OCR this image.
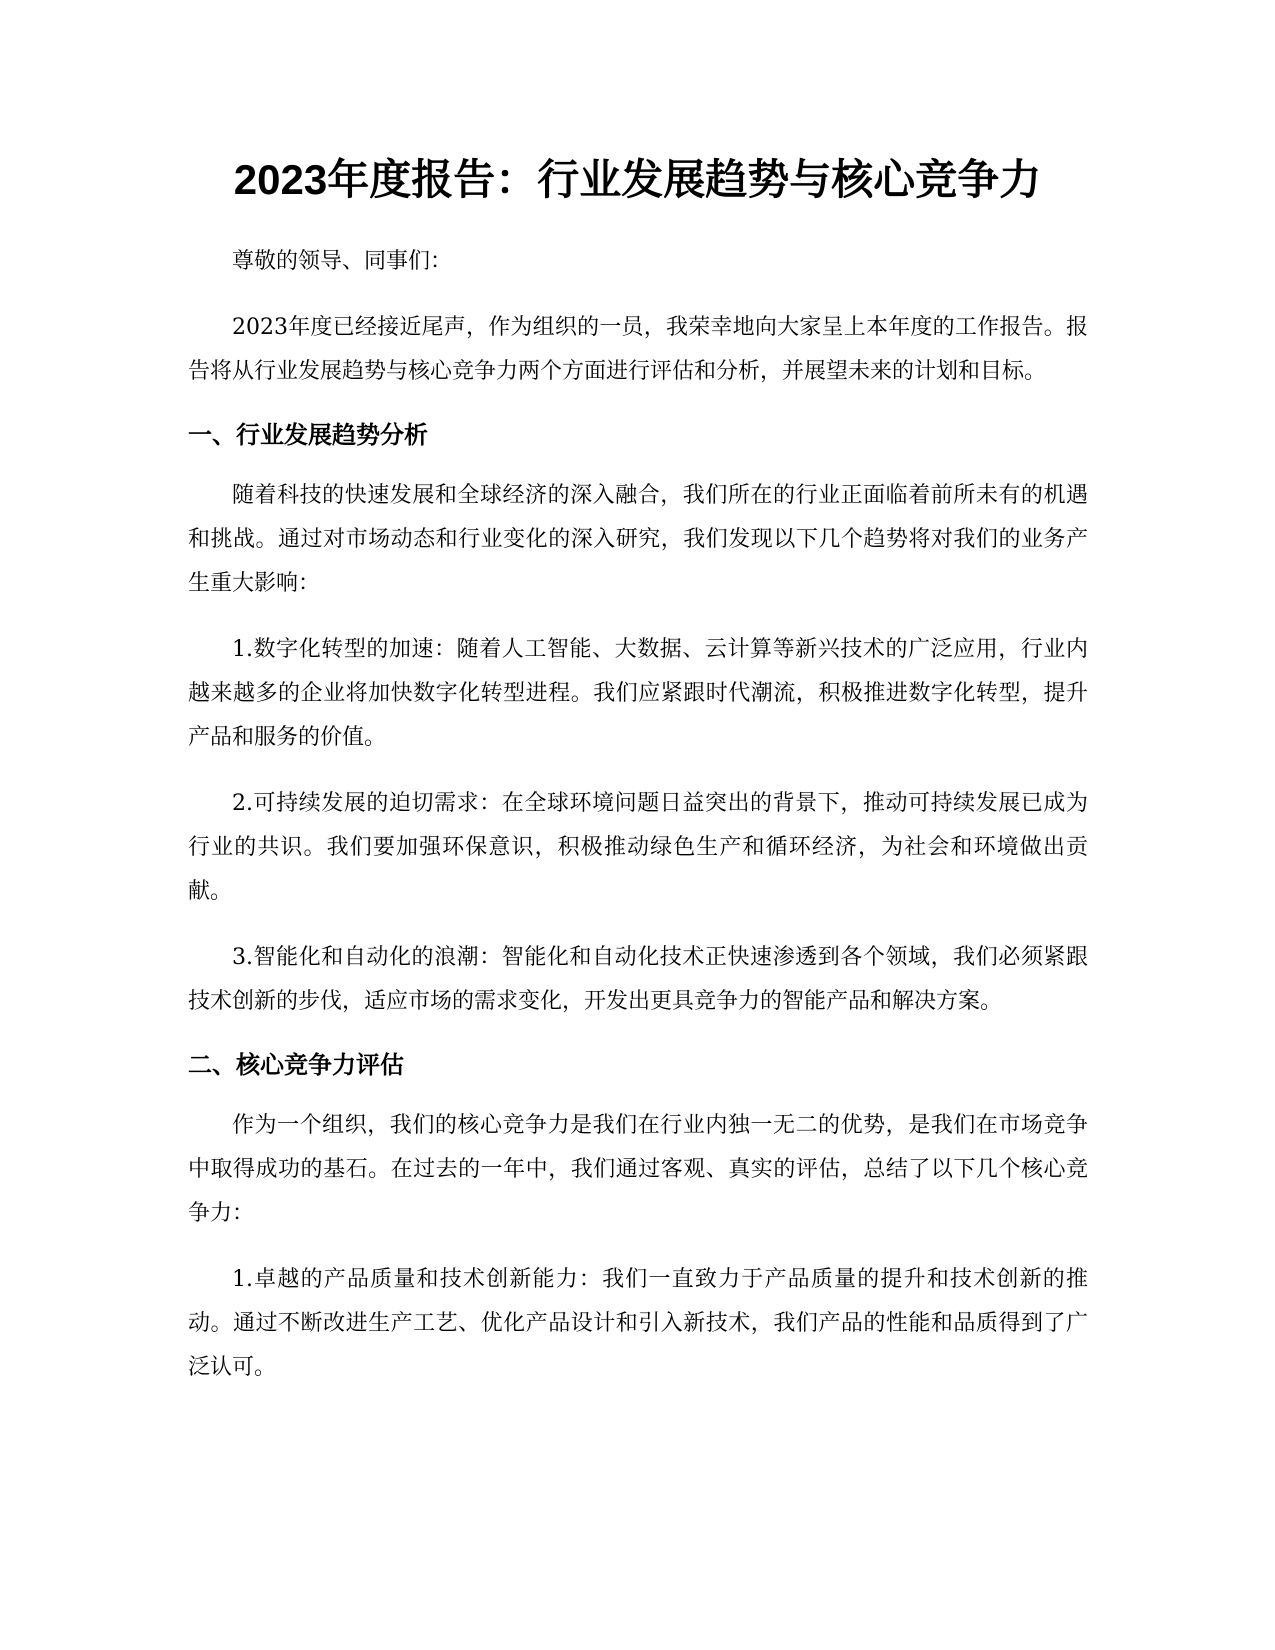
2023年度报告：行业发展趋势与核心竞争力

尊敬的领导、同事们：

2023年度已经接近尾声，作为组织的一员，我荣幸地向大家呈上本年度的工作报告。报告将从行业发展趋势与核心竞争力两个方面进行评估和分析，并展望未来的计划和目标。

一、行业发展趋势分析

随着科技的快速发展和全球经济的深入融合，我们所在的行业正面临着前所未有的机遇和挑战。通过对市场动态和行业变化的深入研究，我们发现以下几个趋势将对我们的业务产生重大影响：

1.数字化转型的加速：随着人工智能、大数据、云计算等新兴技术的广泛应用，行业内越来越多的企业将加快数字化转型进程。我们应紧跟时代潮流，积极推进数字化转型，提升产品和服务的价值。

2.可持续发展的迫切需求：在全球环境问题日益突出的背景下，推动可持续发展已成为行业的共识。我们要加强环保意识，积极推动绿色生产和循环经济，为社会和环境做出贡献。

3.智能化和自动化的浪潮：智能化和自动化技术正快速渗透到各个领域，我们必须紧跟技术创新的步伐，适应市场的需求变化，开发出更具竞争力的智能产品和解决方案。

二、核心竞争力评估

作为一个组织，我们的核心竞争力是我们在行业内独一无二的优势，是我们在市场竞争中取得成功的基石。在过去的一年中，我们通过客观、真实的评估，总结了以下几个核心竞争力：

1.卓越的产品质量和技术创新能力：我们一直致力于产品质量的提升和技术创新的推动。通过不断改进生产工艺、优化产品设计和引入新技术，我们产品的性能和品质得到了广泛认可。
